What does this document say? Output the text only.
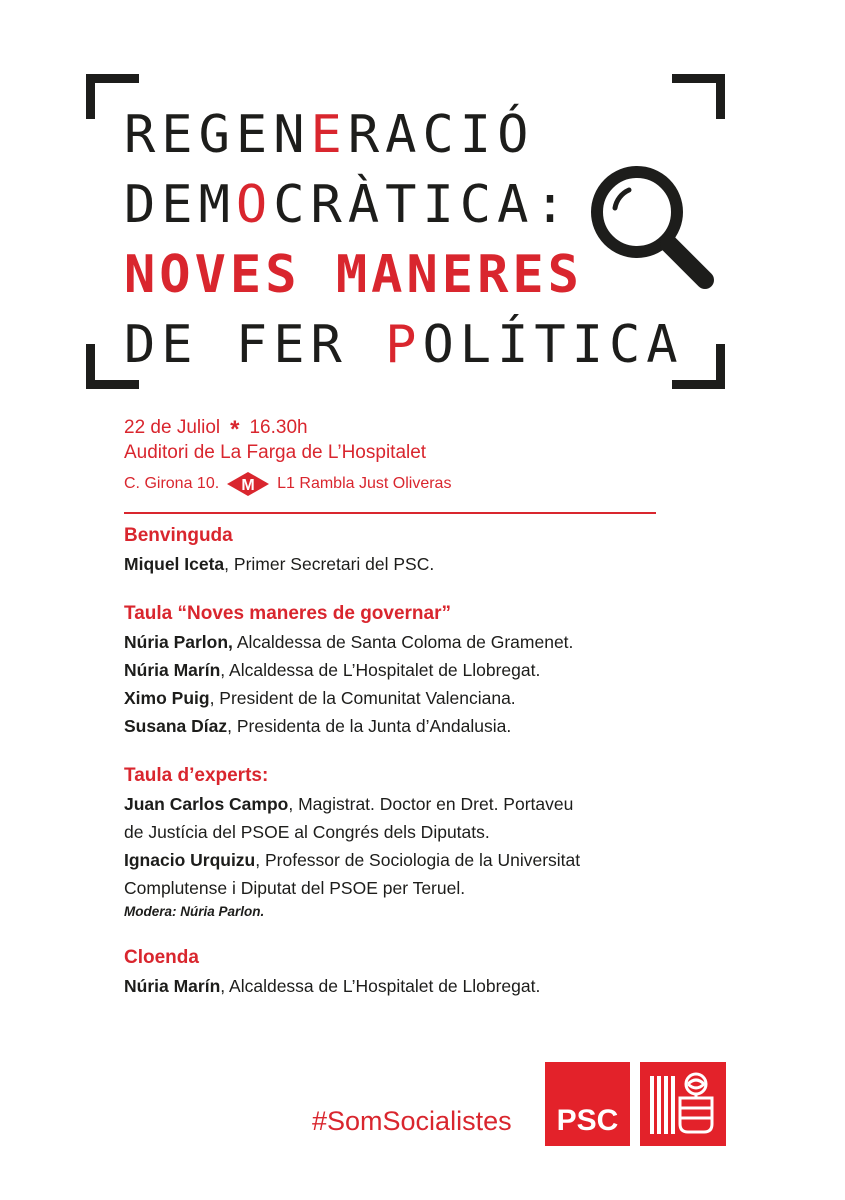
REGENERACIÓ
DEMOCRÀTICA:
NOVES MANERES
DE FER POLÍTICA
22 de Juliol * 16.30h
Auditori de La Farga de L’Hospitalet
C. Girona 10. M L1 Rambla Just Oliveras

Benvinguda

Miquel Iceta, Primer Secretari del PSC.

Taula “Noves maneres de governar”

Núria Parlon, Alcaldessa de Santa Coloma de Gramenet.

Núria Marín, Alcaldessa de L’Hospitalet de Llobregat.

Ximo Puig, President de la Comunitat Valenciana.

Susana Díaz, Presidenta de la Junta d’Andalusia.

Taula d’experts:

Juan Carlos Campo, Magistrat. Doctor en Dret. Portaveu

de Justícia del PSOE al Congrés dels Diputats.

Ignacio Urquizu, Professor de Sociologia de la Universitat

Complutense i Diputat del PSOE per Teruel.

Modera: Núria Parlon.

Cloenda

Núria Marín, Alcaldessa de L’Hospitalet de Llobregat.

#SomSocialistes	PSC
